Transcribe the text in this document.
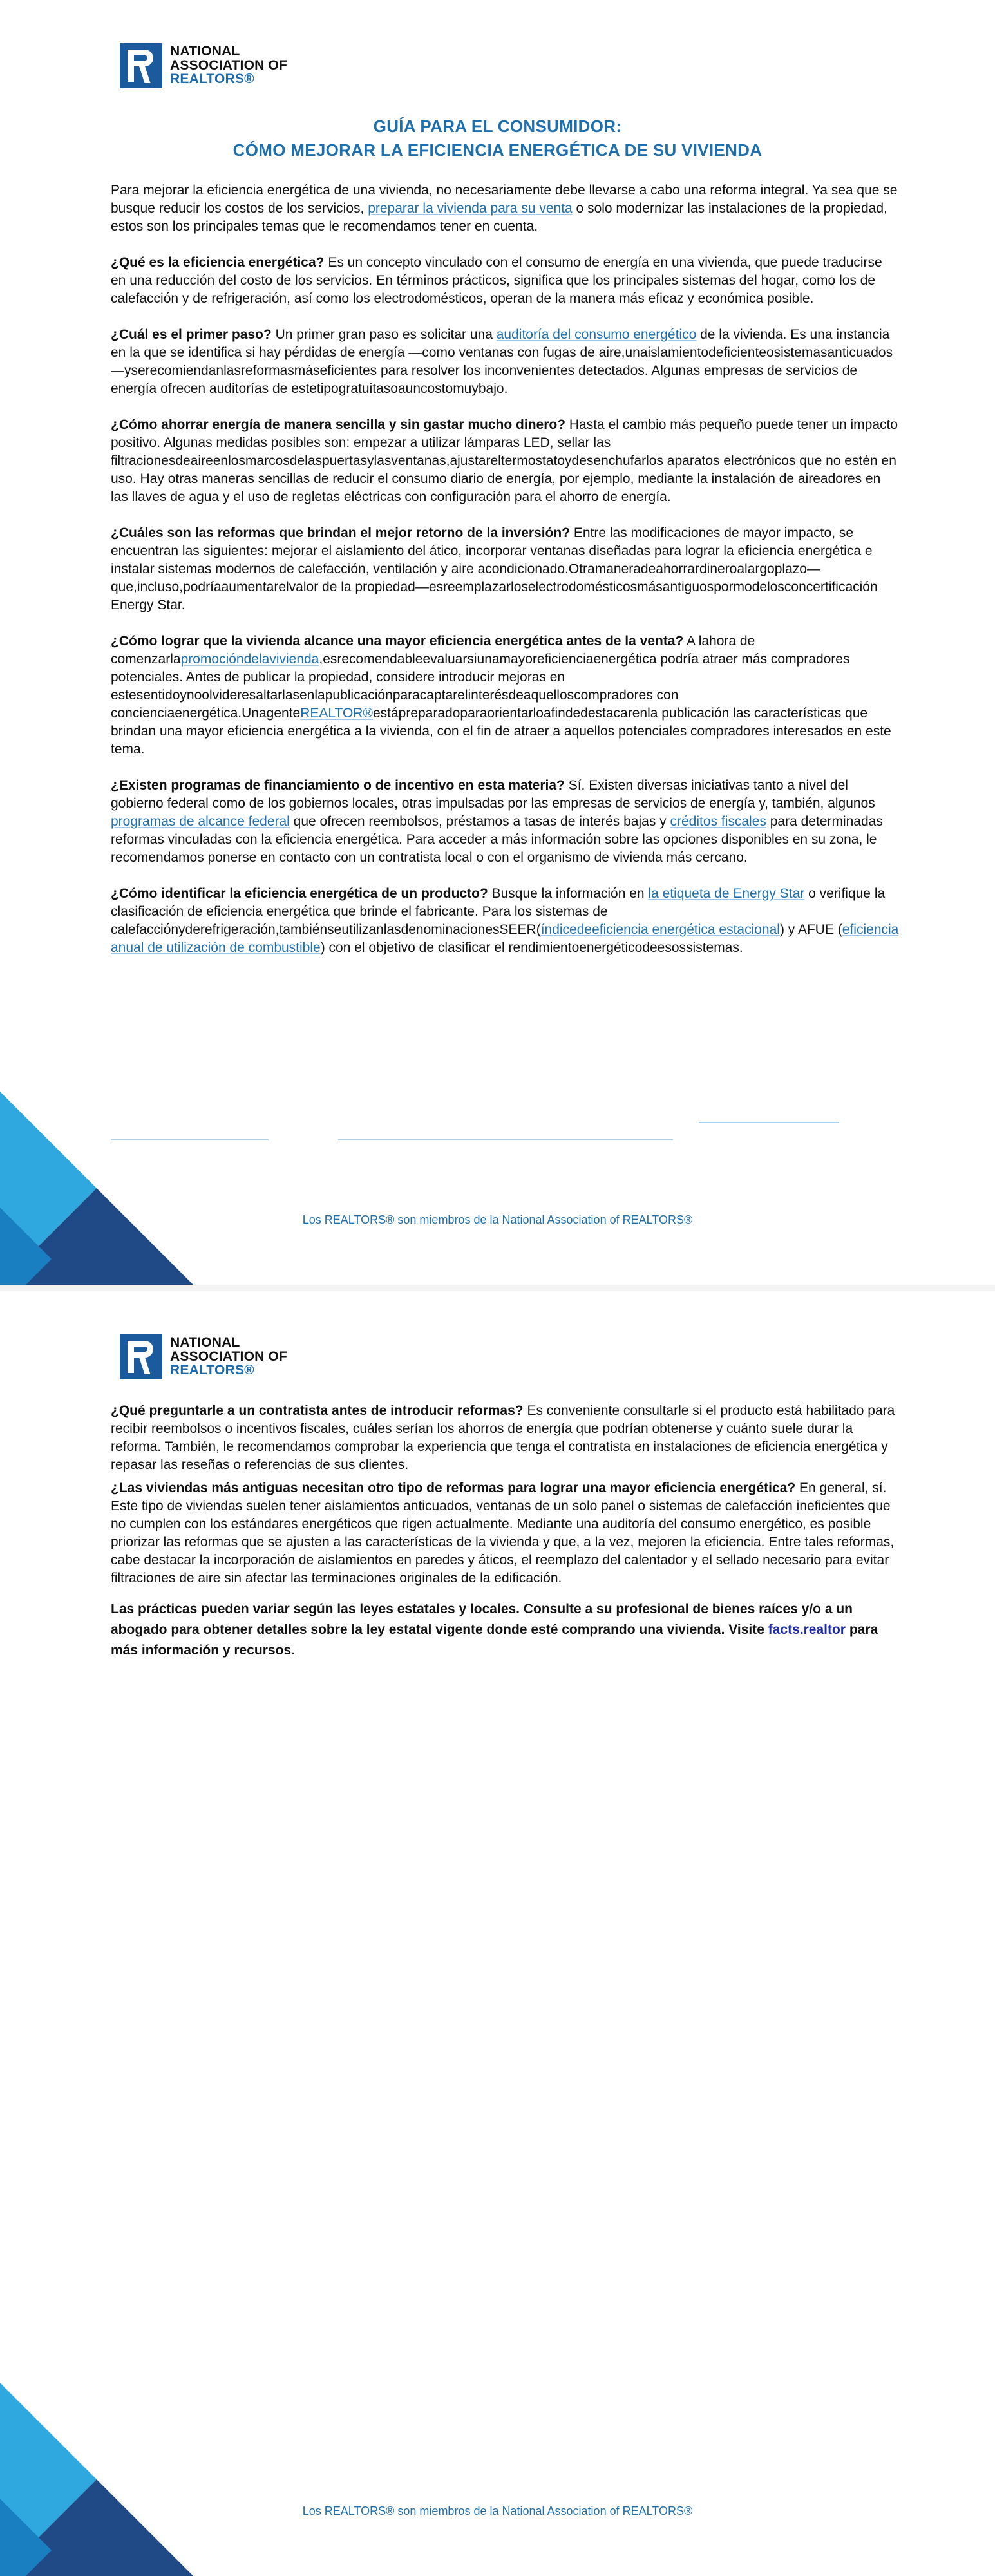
NATIONAL
ASSOCIATION OF
REALTORS®
GUÍA PARA EL CONSUMIDOR:
CÓMO MEJORAR LA EFICIENCIA ENERGÉTICA DE SU VIVIENDA

Para mejorar la eficiencia energética de una vivienda, no necesariamente debe llevarse a cabo una reforma integral. Ya sea que se busque reducir los costos de los servicios, preparar la vivienda para su venta o solo modernizar las instalaciones de la propiedad, estos son los principales temas que le recomendamos tener en cuenta.

¿Qué es la eficiencia energética? Es un concepto vinculado con el consumo de energía en una vivienda, que puede traducirse en una reducción del costo de los servicios. En términos prácticos, significa que los principales sistemas del hogar, como los de calefacción y de refrigeración, así como los electrodomésticos, operan de la manera más eficaz y económica posible.

¿Cuál es el primer paso? Un primer gran paso es solicitar una auditoría del consumo energético de la vivienda. Es una instancia en la que se identifica si hay pérdidas de energía —como ventanas con fugas de aire,unaislamientodeficienteosistemasanticuados—yserecomiendanlasreformasmáseficientes para resolver los inconvenientes detectados. Algunas empresas de servicios de energía ofrecen auditorías de estetipogratuitasoauncostomuybajo.

¿Cómo ahorrar energía de manera sencilla y sin gastar mucho dinero? Hasta el cambio más pequeño puede tener un impacto positivo. Algunas medidas posibles son: empezar a utilizar lámparas LED, sellar las filtracionesdeaireenlosmarcosdelaspuertasylasventanas,ajustareltermostatoydesenchufarlos aparatos electrónicos que no estén en uso. Hay otras maneras sencillas de reducir el consumo diario de energía, por ejemplo, mediante la instalación de aireadores en las llaves de agua y el uso de regletas eléctricas con configuración para el ahorro de energía.

¿Cuáles son las reformas que brindan el mejor retorno de la inversión? Entre las modificaciones de mayor impacto, se encuentran las siguientes: mejorar el aislamiento del ático, incorporar ventanas diseñadas para lograr la eficiencia energética e instalar sistemas modernos de calefacción, ventilación y aire acondicionado.Otramaneradeahorrardineroalargoplazo—que,incluso,podríaaumentarelvalor de la propiedad—esreemplazarloselectrodomésticosmásantiguospormodelosconcertificación Energy Star.

¿Cómo lograr que la vivienda alcance una mayor eficiencia energética antes de la venta? A lahora de comenzarlapromocióndelavivienda,esrecomendableevaluarsiunamayoreficienciaenergética podría atraer más compradores potenciales. Antes de publicar la propiedad, considere introducir mejoras en estesentidoynoolvideresaltarlasenlapublicaciónparacaptarelinterésdeaquelloscompradores con concienciaenergética.UnagenteREALTOR®estápreparadoparaorientarloafindedestacarenla publicación las características que brindan una mayor eficiencia energética a la vivienda, con el fin de atraer a aquellos potenciales compradores interesados en este tema.

¿Existen programas de financiamiento o de incentivo en esta materia? Sí. Existen diversas iniciativas tanto a nivel del gobierno federal como de los gobiernos locales, otras impulsadas por las empresas de servicios de energía y, también, algunos programas de alcance federal que ofrecen reembolsos, préstamos a tasas de interés bajas y créditos fiscales para determinadas reformas vinculadas con la eficiencia energética. Para acceder a más información sobre las opciones disponibles en su zona, le recomendamos ponerse en contacto con un contratista local o con el organismo de vivienda más cercano.

¿Cómo identificar la eficiencia energética de un producto? Busque la información en la etiqueta de Energy Star o verifique la clasificación de eficiencia energética que brinde el fabricante. Para los sistemas de calefacciónyderefrigeración,tambiénseutilizanlasdenominacionesSEER(índicedeeficiencia energética estacional) y AFUE (eficiencia anual de utilización de combustible) con el objetivo de clasificar el rendimientoenergéticodeesossistemas.

Los REALTORS® son miembros de la National Association of REALTORS®
NATIONAL
ASSOCIATION OF
REALTORS®

¿Qué preguntarle a un contratista antes de introducir reformas? Es conveniente consultarle si el producto está habilitado para recibir reembolsos o incentivos fiscales, cuáles serían los ahorros de energía que podrían obtenerse y cuánto suele durar la reforma. También, le recomendamos comprobar la experiencia que tenga el contratista en instalaciones de eficiencia energética y repasar las reseñas o referencias de sus clientes.

¿Las viviendas más antiguas necesitan otro tipo de reformas para lograr una mayor eficiencia energética? En general, sí. Este tipo de viviendas suelen tener aislamientos anticuados, ventanas de un solo panel o sistemas de calefacción ineficientes que no cumplen con los estándares energéticos que rigen actualmente. Mediante una auditoría del consumo energético, es posible priorizar las reformas que se ajusten a las características de la vivienda y que, a la vez, mejoren la eficiencia. Entre tales reformas, cabe destacar la incorporación de aislamientos en paredes y áticos, el reemplazo del calentador y el sellado necesario para evitar filtraciones de aire sin afectar las terminaciones originales de la edificación.

Las prácticas pueden variar según las leyes estatales y locales. Consulte a su profesional de bienes raíces y/o a un abogado para obtener detalles sobre la ley estatal vigente donde esté comprando una vivienda. Visite facts.realtor para más información y recursos.

Los REALTORS® son miembros de la National Association of REALTORS®
